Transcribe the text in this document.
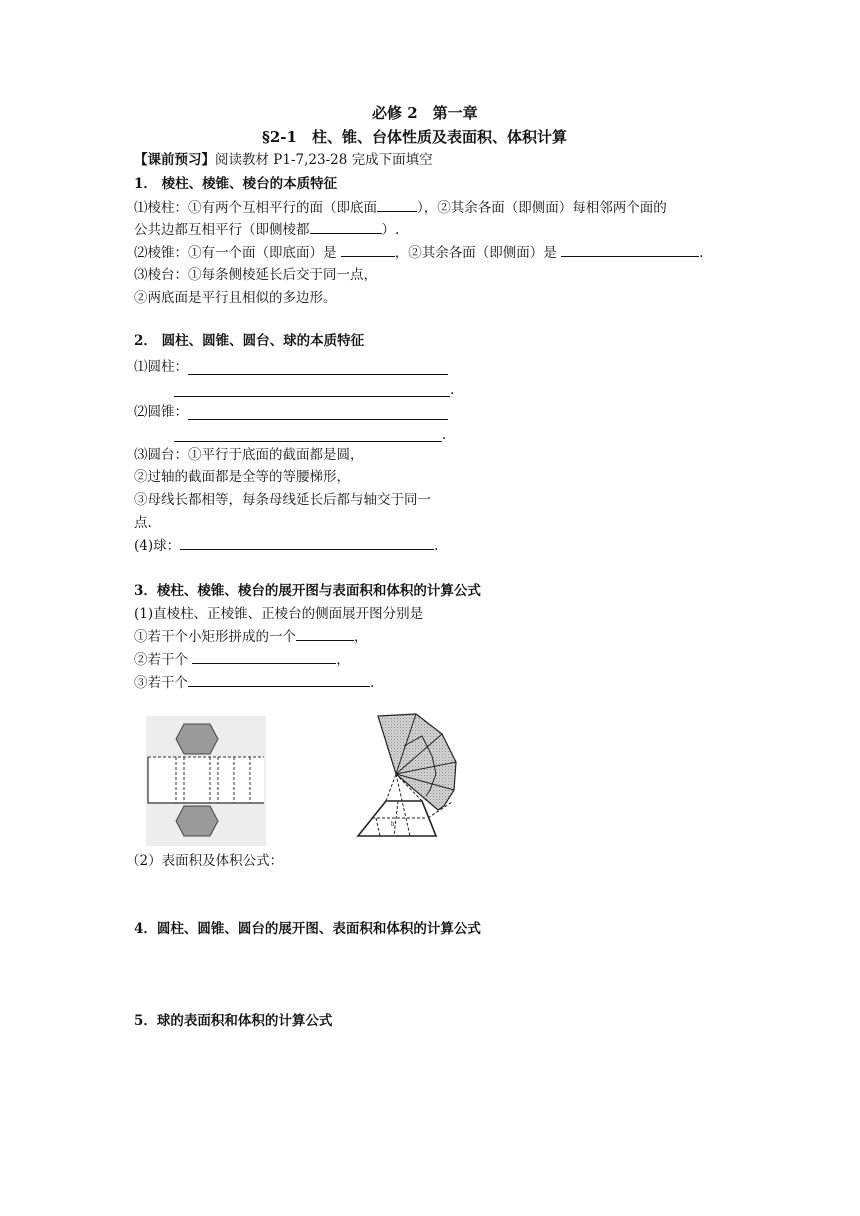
必修 2　第一章
§2-1　柱、锥、台体性质及表面积、体积计算
【课前预习】阅读教材 P1-7,23-28 完成下面填空
1． 棱柱、棱锥、棱台的本质特征
⑴棱柱：①有两个互相平行的面（即底面	），②其余各面（即侧面）每相邻两个面的
公共边都互相平行（即侧棱都	）.
⑵棱锥：①有一个面（即底面）是	，②其余各面（即侧面）是	.
⑶棱台：①每条侧棱延长后交于同一点，
②两底面是平行且相似的多边形。
2． 圆柱、圆锥、圆台、球的本质特征
⑴圆柱：
.
⑵圆锥：
.
⑶圆台：①平行于底面的截面都是圆，
②过轴的截面都是全等的等腰梯形，
③母线长都相等，每条母线延长后都与轴交于同一
点.
(4)球：	.
3．棱柱、棱锥、棱台的展开图与表面积和体积的计算公式
(1)直棱柱、正棱锥、正棱台的侧面展开图分别是
①若干个小矩形拼成的一个	，
②若干个	，
③若干个	.
h'
（2）表面积及体积公式：
4．圆柱、圆锥、圆台的展开图、表面积和体积的计算公式
5．球的表面积和体积的计算公式
